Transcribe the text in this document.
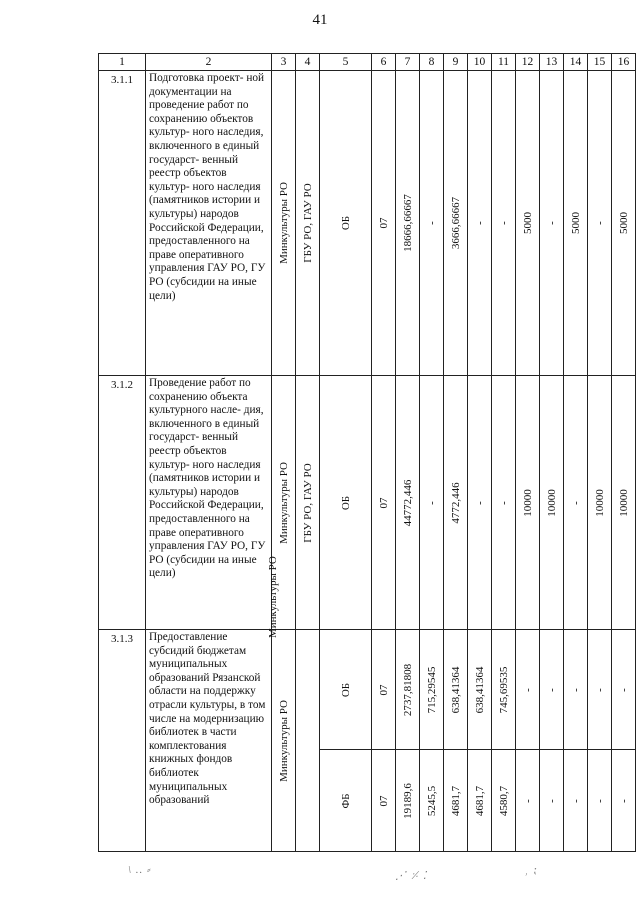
41
1	2	3	4	5	6	7	8	9	10	11	12	13	14	15	16
3.1.1	Подготовка проект- ной документации на проведение работ по сохранению объектов культур- ного наследия, включенного в единый государст- венный реестр объектов культур- ного наследия (памятников истории и культуры) народов Российской Федерации, предоставленного на праве оперативного управления ГАУ РО, ГУ РО (субсидии на иные цели)	Минкультуры РО	ГБУ РО, ГАУ РО	ОБ	07	18666,66667	-	3666,66667	-	-	5000	-	5000	-	5000

3.1.2	Проведение работ по сохранению объекта культурного насле- дия, включенного в единый государст- венный реестр объектов культур- ного наследия (памятников истории и культуры) народов Российской Федерации, предоставленного на праве оперативного управления ГАУ РО, ГУ РО (субсидии на иные цели)	Минкультуры РО	ГБУ РО, ГАУ РО	ОБ	07	44772,446	-	4772,446	-	-	10000	10000	-	10000	10000

3.1.3	Предоставление субсидий бюджетам муниципальных образований Рязанской области на поддержку отрасли культуры, в том числе на модернизацию библиотек в части комплектования книжных фондов библиотек муниципальных образований	Минкультуры РО	Минкультуры РО	ОБ	07	2737,81808	715,29545	638,41364	638,41364	745,69535	-	-	-	-	-

				ФБ	07	19189,6	5245,5	4681,7	4681,7	4580,7	-	-	-	-	-
\ .. ⸗	⋰ ⸓ ⁚	⸒ ⁏
